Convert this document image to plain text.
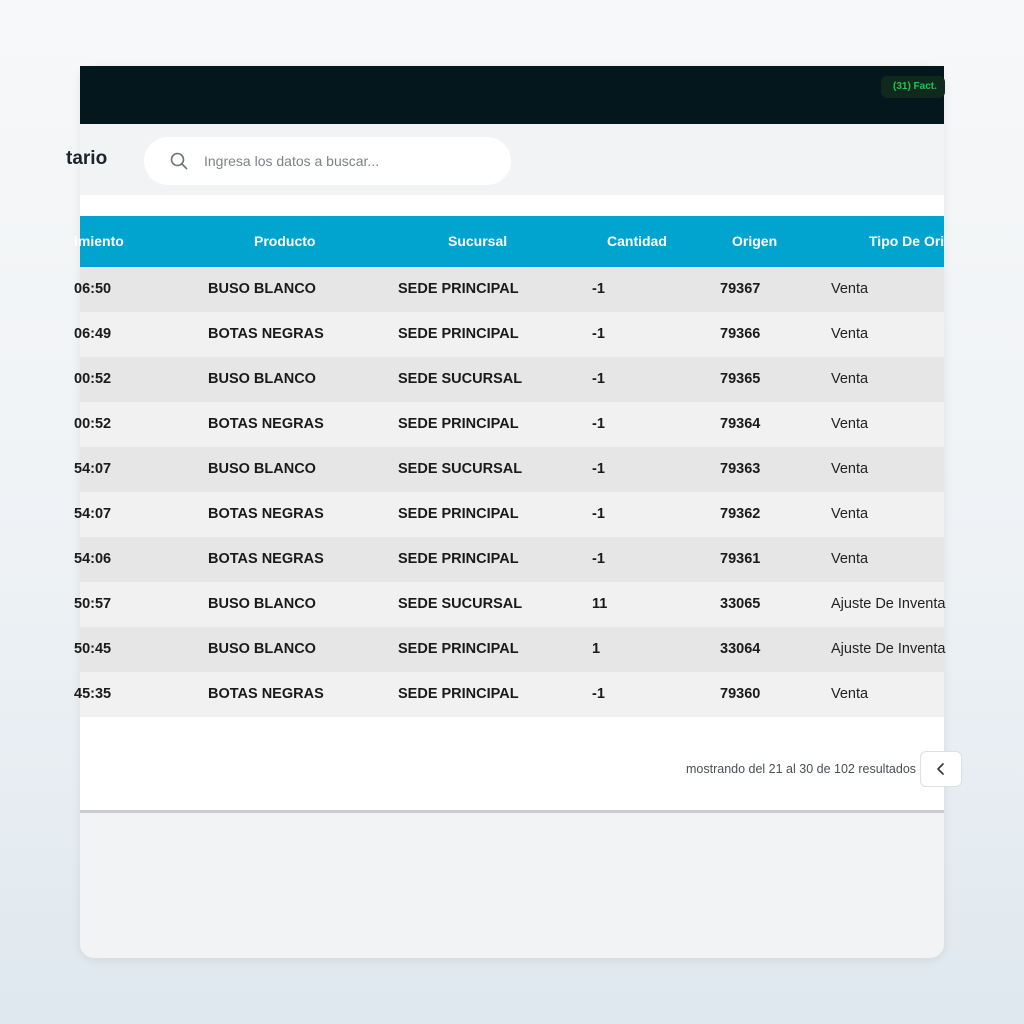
(31) Fact.
tario
Ingresa los datos a buscar...
imiento	Producto	Sucursal	Cantidad	Origen	Tipo De Ori
06:50	BUSO BLANCO	SEDE PRINCIPAL	-1	79367	Venta
06:49	BOTAS NEGRAS	SEDE PRINCIPAL	-1	79366	Venta
00:52	BUSO BLANCO	SEDE SUCURSAL	-1	79365	Venta
00:52	BOTAS NEGRAS	SEDE PRINCIPAL	-1	79364	Venta
54:07	BUSO BLANCO	SEDE SUCURSAL	-1	79363	Venta
54:07	BOTAS NEGRAS	SEDE PRINCIPAL	-1	79362	Venta
54:06	BOTAS NEGRAS	SEDE PRINCIPAL	-1	79361	Venta
50:57	BUSO BLANCO	SEDE SUCURSAL	11	33065	Ajuste De Inventa
50:45	BUSO BLANCO	SEDE PRINCIPAL	1	33064	Ajuste De Inventa
45:35	BOTAS NEGRAS	SEDE PRINCIPAL	-1	79360	Venta
mostrando del 21 al 30 de 102 resultados
